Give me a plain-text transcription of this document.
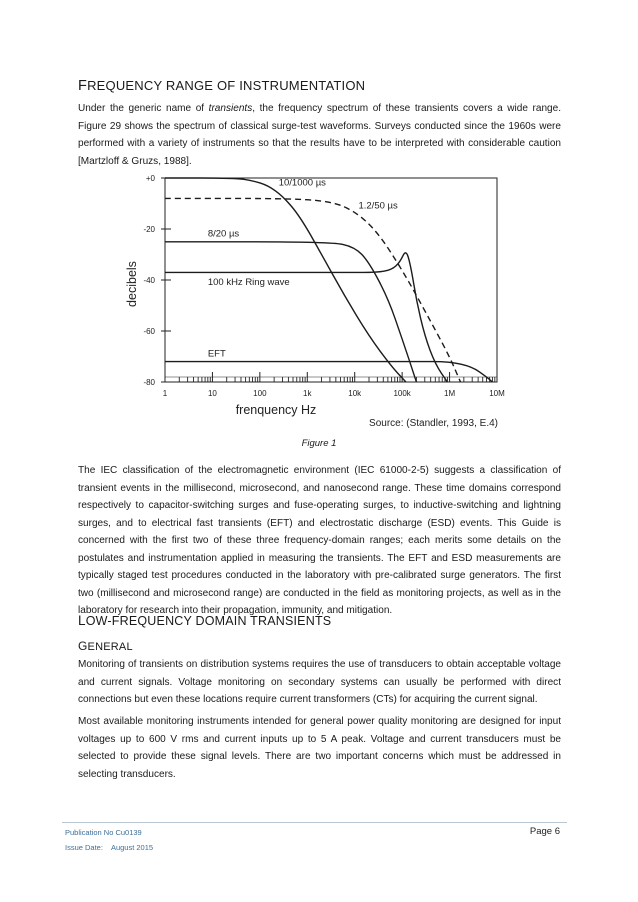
FREQUENCY RANGE OF INSTRUMENTATION

Under the generic name of transients, the frequency spectrum of these transients covers a wide range. Figure 29 shows the spectrum of classical surge-test waveforms. Surveys conducted since the 1960s were performed with a variety of instruments so that the results have to be interpreted with considerable caution [Martzloff & Gruzs, 1988].

1	10	100	1k	10k	100k	1M	10M
+0
-20
-40
-60
-80
10/1000 µs
1.2/50 µs
8/20 µs
100 kHz Ring wave
EFT
decibels
frenquency Hz
Source: (Standler, 1993, E.4)
Figure 1

The IEC classification of the electromagnetic environment (IEC 61000-2-5) suggests a classification of transient events in the millisecond, microsecond, and nanosecond range. These time domains correspond respectively to capacitor-switching surges and fuse-operating surges, to inductive-switching and lightning surges, and to electrical fast transients (EFT) and electrostatic discharge (ESD) events. This Guide is concerned with the first two of these three frequency-domain ranges; each merits some details on the postulates and instrumentation applied in measuring the transients. The EFT and ESD measurements are typically staged test procedures conducted in the laboratory with pre-calibrated surge generators. The first two (millisecond and microsecond range) are conducted in the field as monitoring projects, as well as in the laboratory for research into their propagation, immunity, and mitigation.

LOW-FREQUENCY DOMAIN TRANSIENTS
GENERAL

Monitoring of transients on distribution systems requires the use of transducers to obtain acceptable voltage and current signals. Voltage monitoring on secondary systems can usually be performed with direct connections but even these locations require current transformers (CTs) for acquiring the current signal.

Most available monitoring instruments intended for general power quality monitoring are designed for input voltages up to 600 V rms and current inputs up to 5 A peak. Voltage and current transducers must be selected to provide these signal levels. There are two important concerns which must be addressed in selecting transducers.

Publication No Cu0139
Issue Date: August 2015
Page 6
